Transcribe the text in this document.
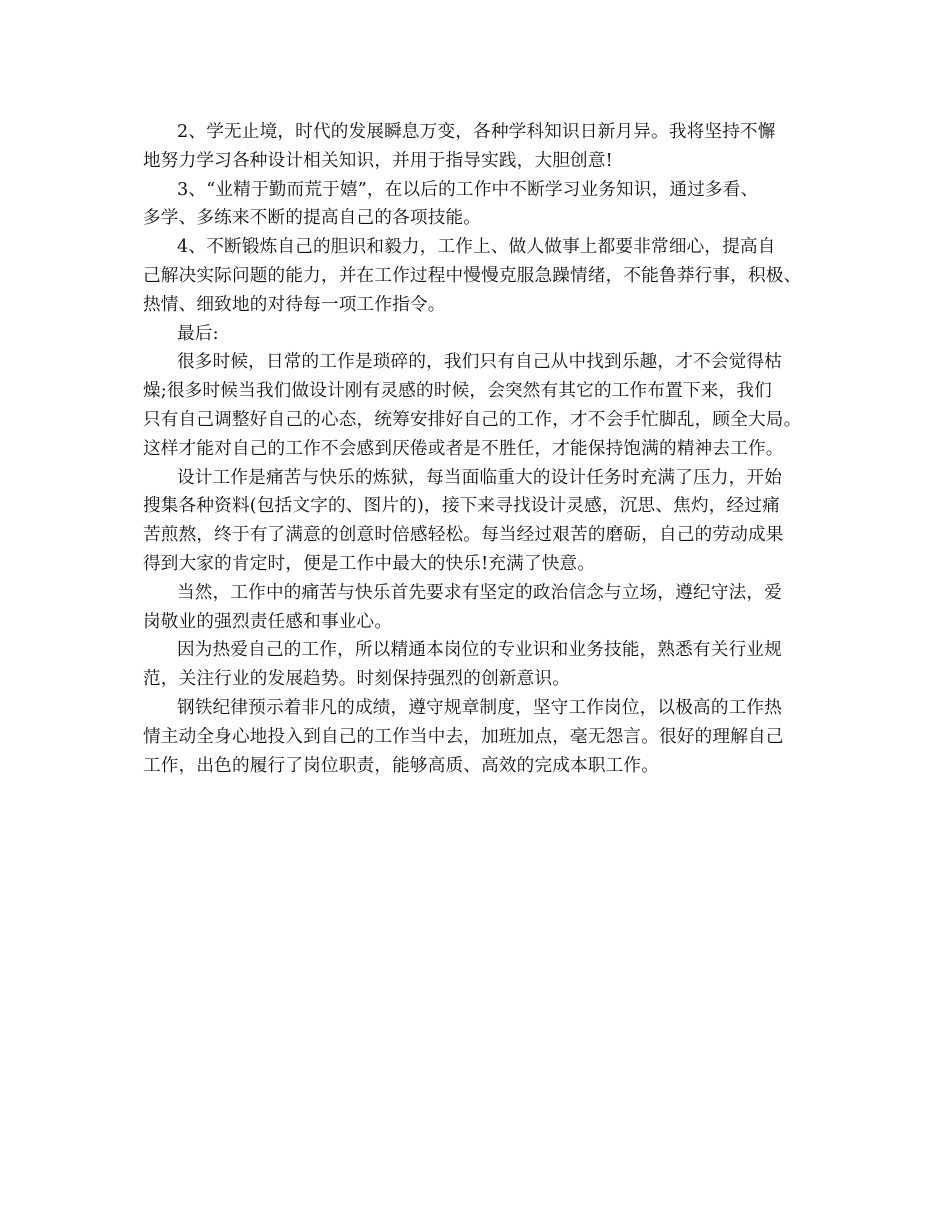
2、学无止境，时代的发展瞬息万变，各种学科知识日新月异。我将坚持不懈
地努力学习各种设计相关知识，并用于指导实践，大胆创意!
3、“业精于勤而荒于嬉”，在以后的工作中不断学习业务知识，通过多看、
多学、多练来不断的提高自己的各项技能。
4、不断锻炼自己的胆识和毅力，工作上、做人做事上都要非常细心，提高自
己解决实际问题的能力，并在工作过程中慢慢克服急躁情绪，不能鲁莽行事，积极、
热情、细致地的对待每一项工作指令。
最后:
很多时候，日常的工作是琐碎的，我们只有自己从中找到乐趣，才不会觉得枯
燥;很多时候当我们做设计刚有灵感的时候，会突然有其它的工作布置下来，我们
只有自己调整好自己的心态，统筹安排好自己的工作，才不会手忙脚乱，顾全大局。
这样才能对自己的工作不会感到厌倦或者是不胜任，才能保持饱满的精神去工作。
设计工作是痛苦与快乐的炼狱，每当面临重大的设计任务时充满了压力，开始
搜集各种资料(包括文字的、图片的)，接下来寻找设计灵感，沉思、焦灼，经过痛
苦煎熬，终于有了满意的创意时倍感轻松。每当经过艰苦的磨砺，自己的劳动成果
得到大家的肯定时，便是工作中最大的快乐!充满了快意。
当然，工作中的痛苦与快乐首先要求有坚定的政治信念与立场，遵纪守法，爱
岗敬业的强烈责任感和事业心。
因为热爱自己的工作，所以精通本岗位的专业识和业务技能，熟悉有关行业规
范，关注行业的发展趋势。时刻保持强烈的创新意识。
钢铁纪律预示着非凡的成绩，遵守规章制度，坚守工作岗位，以极高的工作热
情主动全身心地投入到自己的工作当中去，加班加点，毫无怨言。很好的理解自己
工作，出色的履行了岗位职责，能够高质、高效的完成本职工作。
